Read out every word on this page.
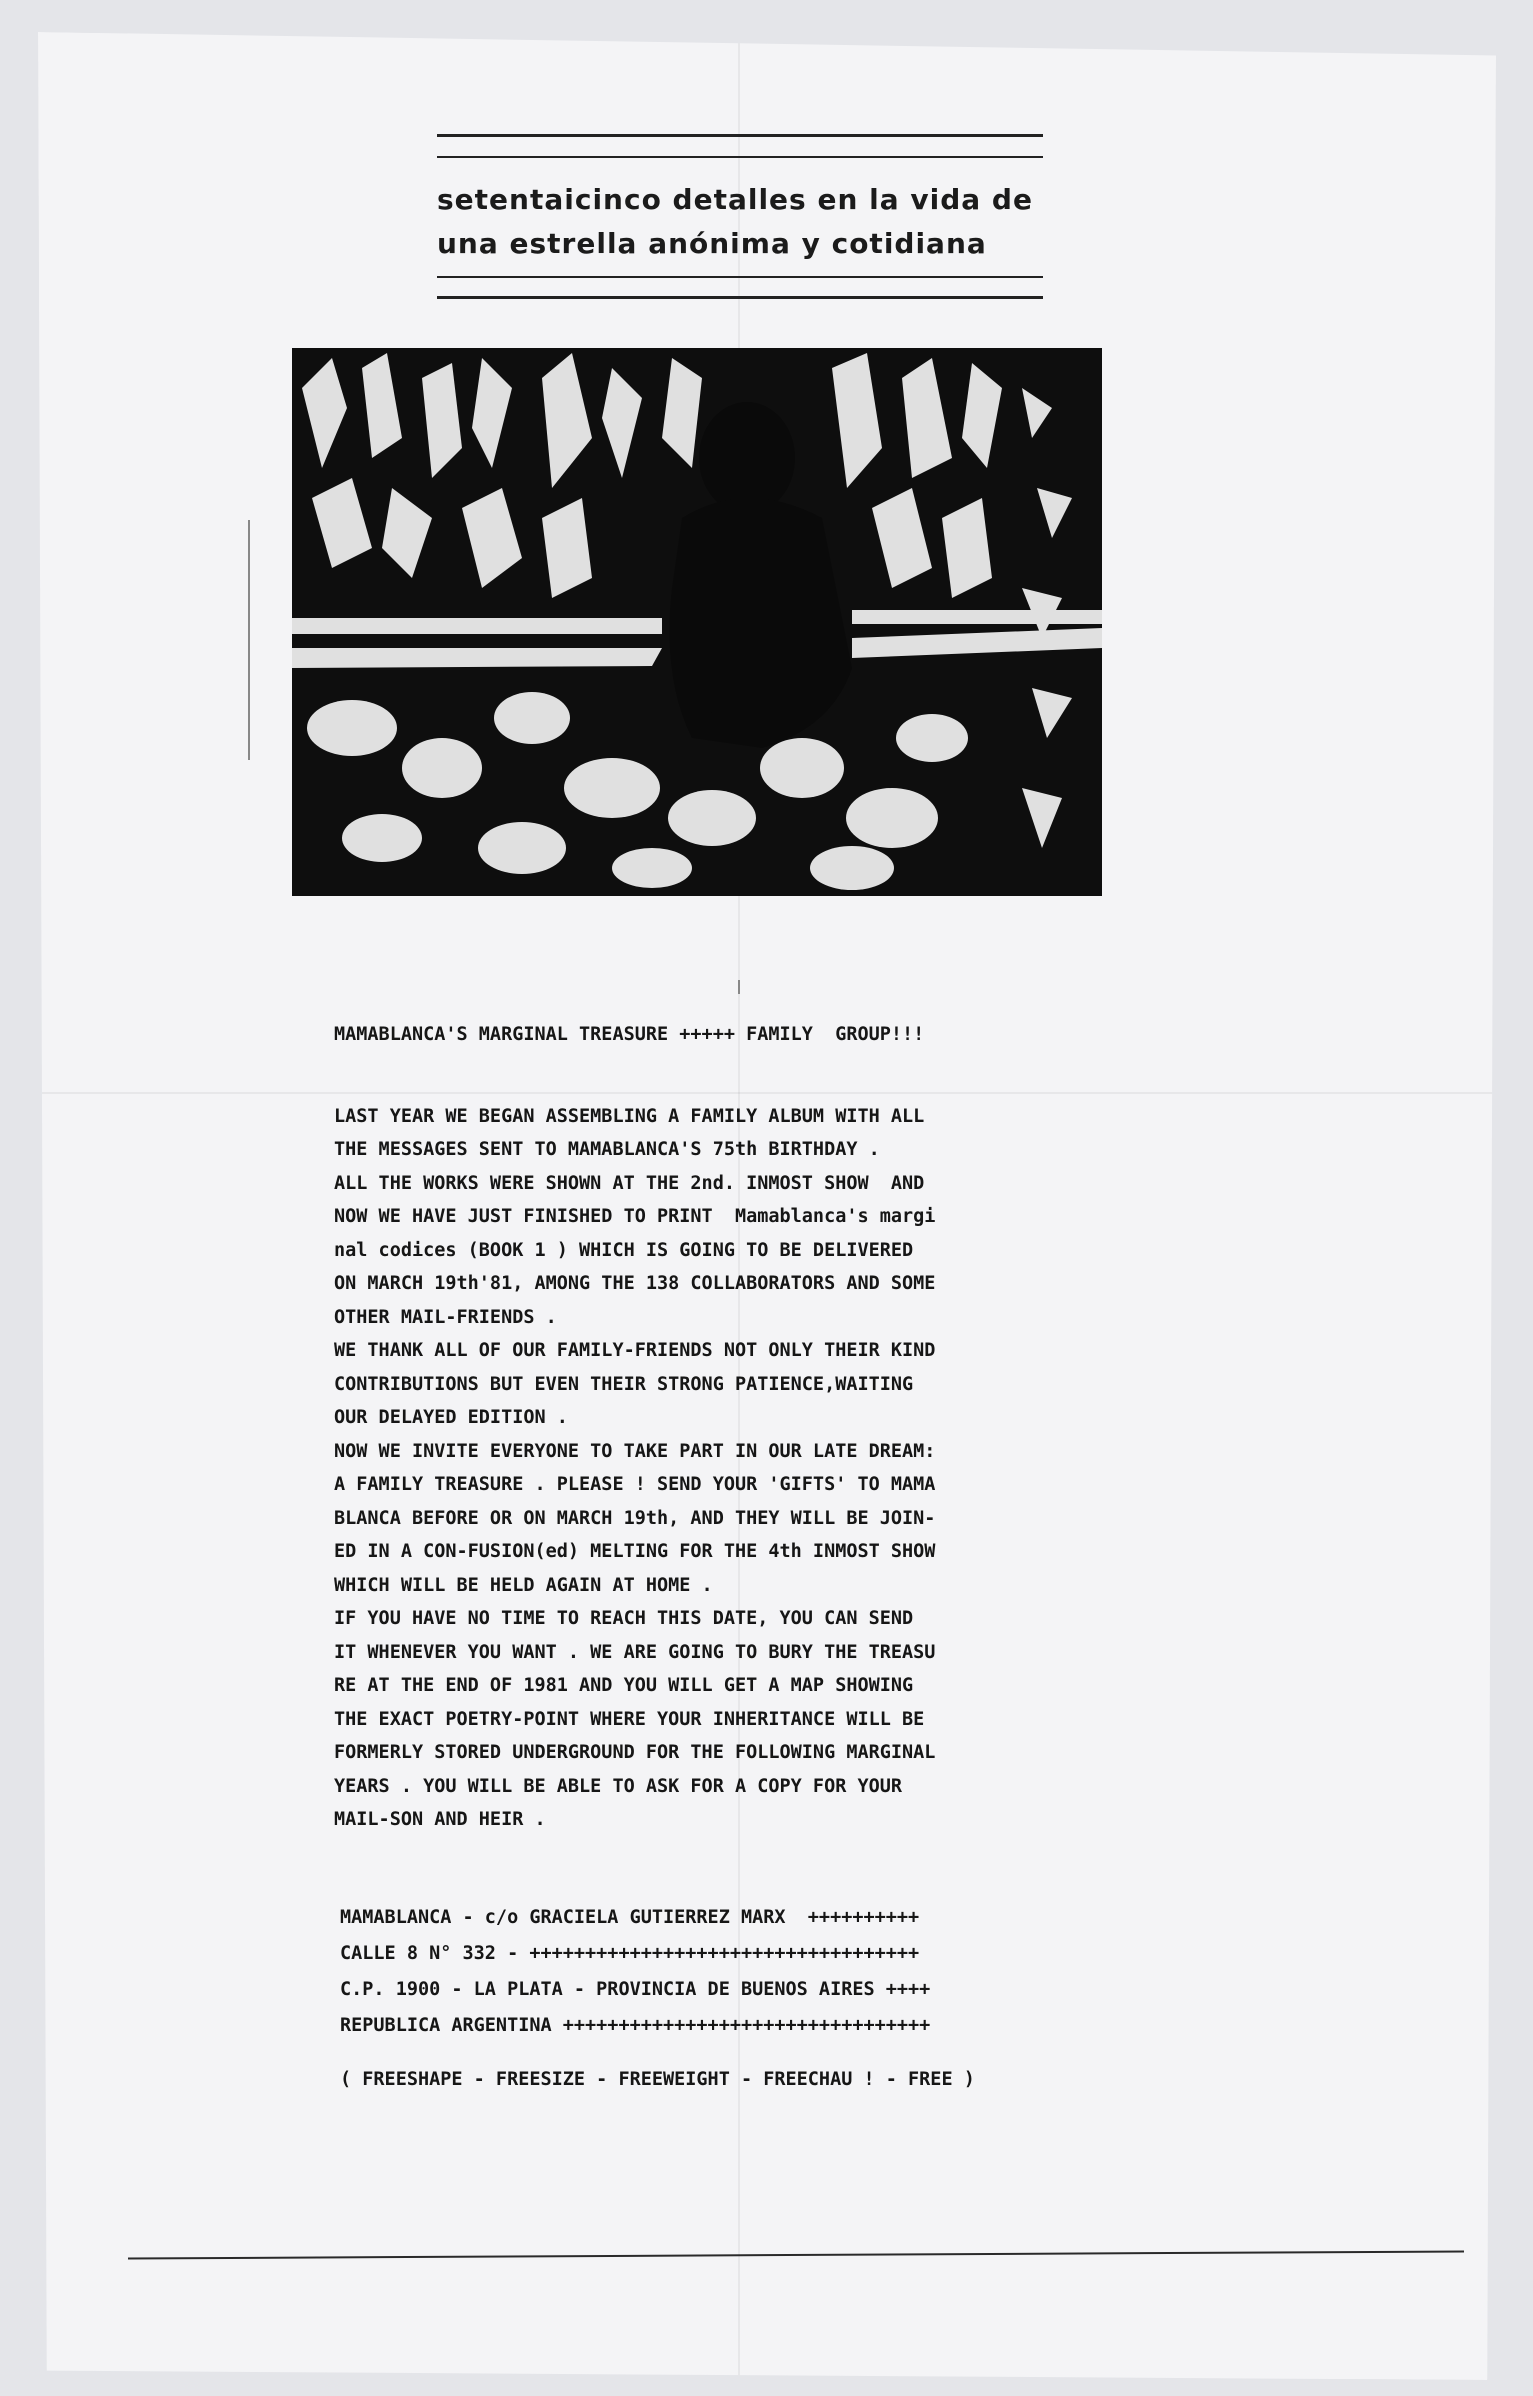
setentaicinco detalles en la vida de
una estrella anónima y cotidiana

MAMABLANCA'S MARGINAL TREASURE +++++ FAMILY  GROUP!!!

LAST YEAR WE BEGAN ASSEMBLING A FAMILY ALBUM WITH ALL

THE MESSAGES SENT TO MAMABLANCA'S 75th BIRTHDAY .

ALL THE WORKS WERE SHOWN AT THE 2nd. INMOST SHOW  AND

NOW WE HAVE JUST FINISHED TO PRINT  Mamablanca's margi

nal codices (BOOK 1 ) WHICH IS GOING TO BE DELIVERED

ON MARCH 19th'81, AMONG THE 138 COLLABORATORS AND SOME

OTHER MAIL-FRIENDS .

WE THANK ALL OF OUR FAMILY-FRIENDS NOT ONLY THEIR KIND

CONTRIBUTIONS BUT EVEN THEIR STRONG PATIENCE,WAITING

OUR DELAYED EDITION .

NOW WE INVITE EVERYONE TO TAKE PART IN OUR LATE DREAM:

A FAMILY TREASURE . PLEASE ! SEND YOUR 'GIFTS' TO MAMA

BLANCA BEFORE OR ON MARCH 19th, AND THEY WILL BE JOIN-

ED IN A CON-FUSION(ed) MELTING FOR THE 4th INMOST SHOW

WHICH WILL BE HELD AGAIN AT HOME .

IF YOU HAVE NO TIME TO REACH THIS DATE, YOU CAN SEND

IT WHENEVER YOU WANT . WE ARE GOING TO BURY THE TREASU

RE AT THE END OF 1981 AND YOU WILL GET A MAP SHOWING

THE EXACT POETRY-POINT WHERE YOUR INHERITANCE WILL BE

FORMERLY STORED UNDERGROUND FOR THE FOLLOWING MARGINAL

YEARS . YOU WILL BE ABLE TO ASK FOR A COPY FOR YOUR

MAIL-SON AND HEIR .

MAMABLANCA - c/o GRACIELA GUTIERREZ MARX  ++++++++++

CALLE 8 N° 332 - +++++++++++++++++++++++++++++++++++

C.P. 1900 - LA PLATA - PROVINCIA DE BUENOS AIRES ++++

REPUBLICA ARGENTINA +++++++++++++++++++++++++++++++++

( FREESHAPE - FREESIZE - FREEWEIGHT - FREECHAU ! - FREE )
